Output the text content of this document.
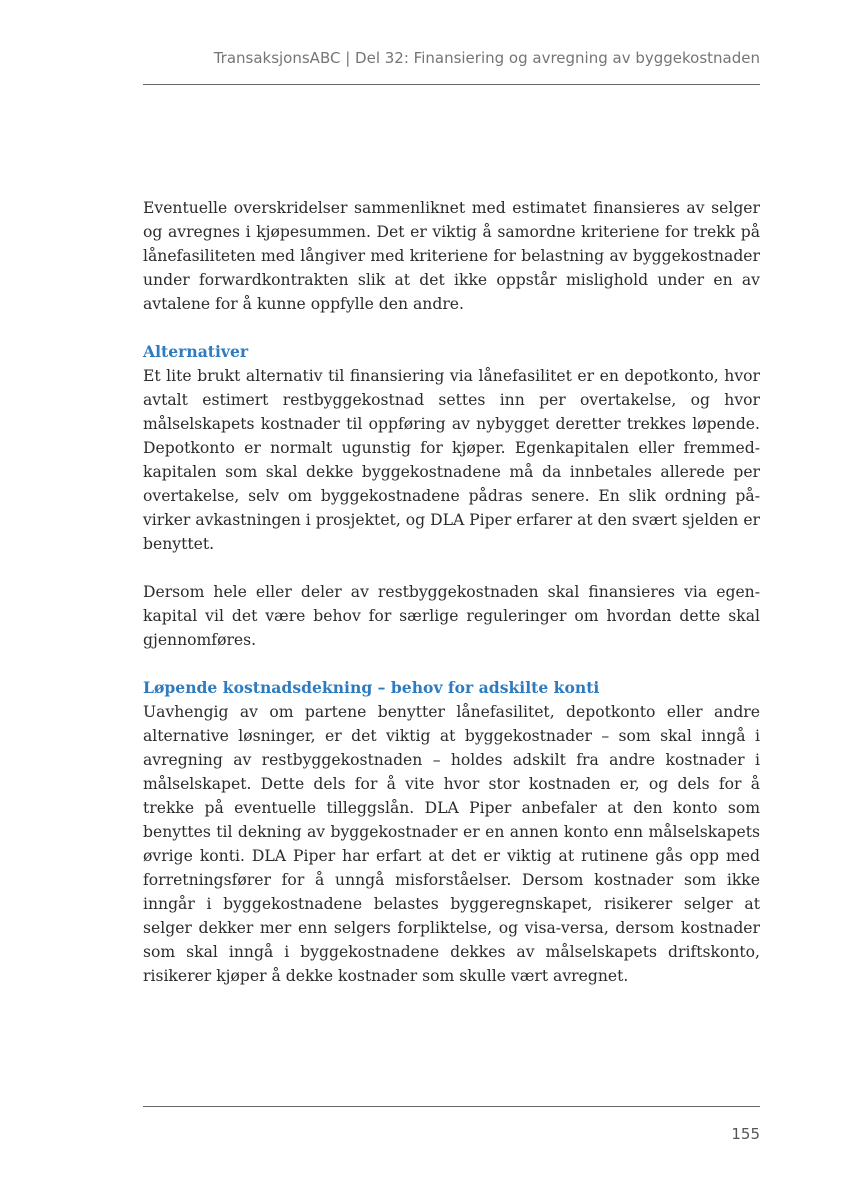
TransaksjonsABC | Del 32: Finansiering og avregning av byggekostnaden

Eventuelle overskridelser sammenliknet med estimatet finansieres av selger og avregnes i kjøpesummen. Det er viktig å samordne kriteriene for trekk på lånefasiliteten med långiver med kriteriene for belastning av byggekostnader under forwardkontrakten slik at det ikke oppstår mislighold under en av avtalene for å kunne oppfylle den andre.

Alternativer

Et lite brukt alternativ til finansiering via lånefasilitet er en depotkonto, hvor avtalt estimert restbyggekostnad settes inn per overtakelse, og hvor målselskapets kostnader til oppføring av nybygget deretter trekkes løpende. Depotkonto er normalt ugunstig for kjøper. Egenkapitalen eller fremmedkapitalen som skal dekke byggekostnadene må da innbetales allerede per overtakelse, selv om byggekostnadene pådras senere. En slik ordning påvirker avkastningen i prosjektet, og DLA Piper erfarer at den svært sjelden er benyttet.

Dersom hele eller deler av restbyggekostnaden skal finansieres via egenkapital vil det være behov for særlige reguleringer om hvordan dette skal gjennomføres.

Løpende kostnadsdekning – behov for adskilte konti

Uavhengig av om partene benytter lånefasilitet, depotkonto eller andre alternative løsninger, er det viktig at byggekostnader – som skal inngå i avregning av restbyggekostnaden – holdes adskilt fra andre kostnader i målselskapet. Dette dels for å vite hvor stor kostnaden er, og dels for å trekke på eventuelle tilleggslån. DLA Piper anbefaler at den konto som benyttes til dekning av byggekostnader er en annen konto enn målselskapets øvrige konti. DLA Piper har erfart at det er viktig at rutinene gås opp med forretningsfører for å unngå misforståelser. Dersom kostnader som ikke inngår i byggekostnadene belastes byggeregnskapet, risikerer selger at selger dekker mer enn selgers forpliktelse, og visa-versa, dersom kostnader som skal inngå i byggekostnadene dekkes av målselskapets driftskonto, risikerer kjøper å dekke kostnader som skulle vært avregnet.

155
